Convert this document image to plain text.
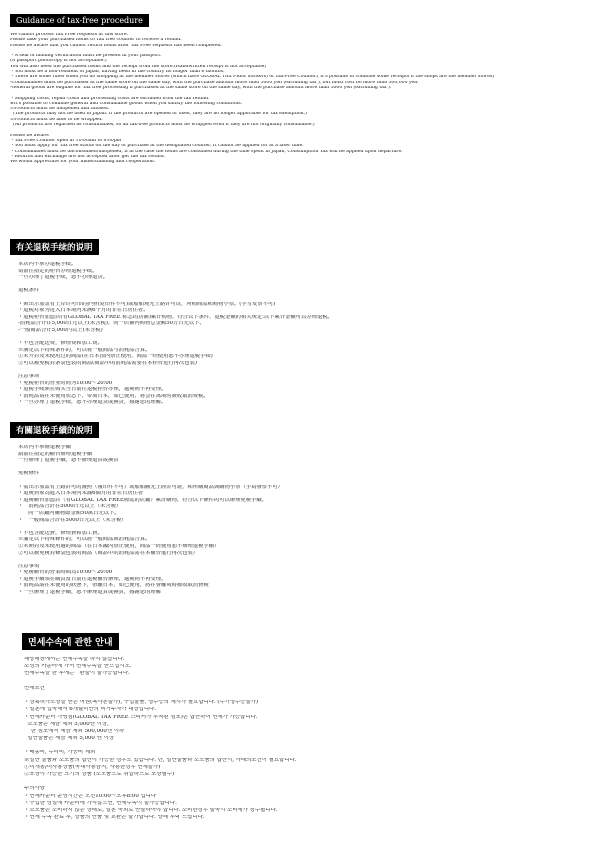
Guidance of tax-free procedure
We cannot process Tax Free requests at this store.
Please take your purchased items to Tax free counter to receive a refund.
Please be aware that you cannot return items after Tax Free requests has been completed.
・A seal of landing verification must be present in your passport.
(A passport photocopy is not acceptable.)
You will also need the purchased items and the receipt from the store.(Handwritten receipt is not acceptable)
・You must be a non-resident of Japan, having been in the country no longer than 6 months.
・There are some rules when you do shopping at the member stores (which have GLOBAL TAX FREE stickers) of Tax-Free Counter.( It's possible to combine some receipts if the shops are the member stores)
-Consumables must be purchased at the same store on the same day, with the purchase amount more than 5000 yen (excluding tax ), but must cost no more than 500,000 yen.
-General goods are eligible for Tax free processing if purchased at the same store on the same day, with the purchase amount more than 5000 yen (excluding tax ).
・Shipping costs, repair costs and processing costs are excluded from the tax refund.
※It's possible to combine general and consumable goods when you satisfy the following conditions.
①Products must be unopened and unused.
(The products may not be used in Japan. If the products are opened or used, they are no longer applicable for tax exemption.)
②Products must be able to be wrapped.
(All products are regarded as consumables, so all tax-free products must be wrapped even if they are not originally consumable.)
Please be aware:
・Tax Free Counter open at 10:00am to 8:00pm
・You must apply for Tax free status on the day of purchase at the designated counter. It cannot be applied for at a later time.
・Consumables must be unconsumed/unopened, If in the case the items are consumed during the time spent in Japan, Consumption Tax will be applied upon departure.
・Returns and exchange are not accepted after get the tax refund.
We would appreciate for your understanding and cooperation.
有关退税手续的说明
本店内不承办退税手续。
请前往指定的柜台办理退税手续。
一旦办理了退税手续，恕不办理退货。
退税条件
・须出示加盖有上岸许可印的护照(复印件不可)或船舶观光上路许可证，所购商品和购物小票。(手写发票不可)
・退税对象为进入日本境内未满6个月的非在日居住者。
・退税柜台加盟店(有GLOBAL TAX FREE 标志的店铺)累计购物，符合以下条件，退税金额的相关规定:以下累计金额可以办理退税。
-消耗品合计在5,000日元以上(未含税)，同一店铺内购物总金额50万日元以下。
-一般商品合计5,000円以上(未含税)
・不包含配送费，修理费和加工费。
※满足以下特殊条件的，可以将一般商品与消耗品合算。
①未开封及未使用过的商品(在日本国内禁止使用，商品一经使用恕不办理退税手续)
②可以被免税封条袋包装的商品(商品中的消耗品需要在本柜台进行再次包装)
注意事项
・免税柜台的营业时间为10:00～20:00
・退税手续须在购买当日前往退税柜台办理，逾期则不再受理。
・消耗品请在未使用状态下，带离日本，如已使用，将会在离境时被收取消费税。
・一旦办理了退税手续，恕不办理退货或换货，感谢您的理解。
有關退稅手續的說明
本店内不承辦退稅手續
請前往指定的櫃台辦理退稅手續
一旦辦理了退稅手續，恕不辦理退貨或換貨
免稅條件
・需出示加蓋有上路許可的護照（複印件不可）或船舶觀光上陸許可證，和所購商品與購物小票（手寫發票不可）
・退稅對象為進入日本境內未滿6個月的非在日居住者
・退稅櫃台加盟店（有GLOBAL TAX FREE標誌的店鋪）累計購物，符合以下條件的可以辦理免稅手續。
・   消耗品合計在5000日元以上（未含稅）
同一店鋪内購物總金額50萬日元以下。
・   一般商品合計在5000日元以上（未含稅）
・不包含配送費，修理費和加工費。
※滿足以下特殊條件的，可以將一般商品與消耗品合算。
①未開封及未使用過的商品（在日本國內禁止使用，商品一經使用恕不辦理退稅手續）
②可以被免稅封條袋包裝的商品（商品中的消耗品需在本櫃台進行再次包裝）
注意事項
・免稅櫃台的營業時間為10:00～20:00
・退稅手續須在購買當日前往退稅櫃台辦理，逾期則不再受理。
・消耗品請在未使用的狀態下，帶離日本，如已使用，將在會離境時被收取消費稅
・一旦辦理了退稅手續，恕不辦理退貨或換貨，感謝您的理解
면세수속에 관한 안내
해당매장에서는 면세수속을 하지 않습니다.
소정의 카운터에 가서 면세수속을 받으십시오.
면세수속을 한 후에는   환불이 불가능합니다.
면세조건
・상륙허가도장을 받은 여권(복사본불가), 구입물품, 영수증의 제시가 필요합니다. (수기영수증불가)
・일본에 입국해서 6개월미만의 비거주자가 대상입니다.
・면세카운터 가맹점(GLOBAL TAX FREE 스티커가 부착된 점포)은 합산하여 면세가 가능합니다.
소모품은 세금 제외 5,000엔 이상,
한 점포에서 세금 제외 500,000엔 이하
일반물품은 세금 제외 5,000 엔 이상
・배송비, 수리비, 가공비 제외
※일반 물품과 소모품의 합산이 가능한 경우도 있습니다. 단, 일반물품과 소모품의 합산시, 아래의조건이 필요합니다.
①미개봉/미사용상품(국내사용금지, 사용한경우 면세불가)
②포장이 가능한 크기의 상품 (소모품으로 취급하므로 포장필수)
주의사항
・면세카운터 운영시간은 오전10:00～오후8:00 입니다
・구입한 당일에 카운터에 가지않으면, 면세수속이 불가능합니다.
・소모품은 소비하지 않은 상태로, 일본 국외로 반출하여야 합니다. 소비한경우 출국시 소비세가 징수됩니다.
・면세 수속 완료 후, 상품의 반품 및 교환은 불가합니다. 양해 부탁 드립니다.
